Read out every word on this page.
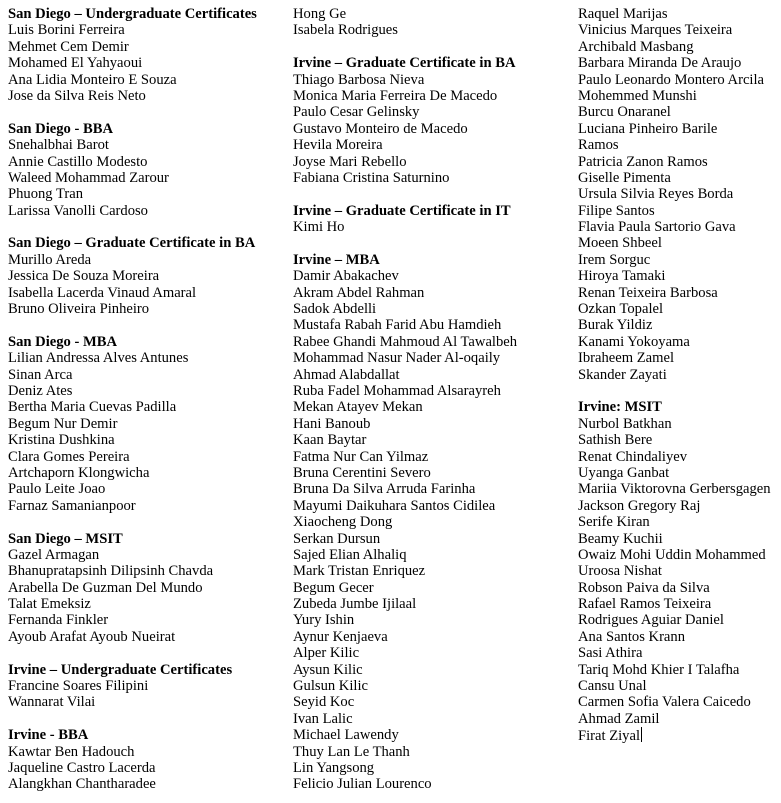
San Diego – Undergraduate Certificates
Luis Borini Ferreira
Mehmet Cem Demir
Mohamed El Yahyaoui
Ana Lidia Monteiro E Souza
Jose da Silva Reis Neto
San Diego - BBA
Snehalbhai Barot
Annie Castillo Modesto
Waleed Mohammad Zarour
Phuong Tran
Larissa Vanolli Cardoso
San Diego – Graduate Certificate in BA
Murillo Areda
Jessica De Souza Moreira
Isabella Lacerda Vinaud Amaral
Bruno Oliveira Pinheiro
San Diego - MBA
Lilian Andressa Alves Antunes
Sinan Arca
Deniz Ates
Bertha Maria Cuevas Padilla
Begum Nur Demir
Kristina Dushkina
Clara Gomes Pereira
Artchaporn Klongwicha
Paulo Leite Joao
Farnaz Samanianpoor
San Diego – MSIT
Gazel Armagan
Bhanupratapsinh Dilipsinh Chavda
Arabella De Guzman Del Mundo
Talat Emeksiz
Fernanda Finkler
Ayoub Arafat Ayoub Nueirat
Irvine – Undergraduate Certificates
Francine Soares Filipini
Wannarat Vilai
Irvine - BBA
Kawtar Ben Hadouch
Jaqueline Castro Lacerda
Alangkhan Chantharadee
Hong Ge
Isabela Rodrigues
Irvine – Graduate Certificate in BA
Thiago Barbosa Nieva
Monica Maria Ferreira De Macedo
Paulo Cesar Gelinsky
Gustavo Monteiro de Macedo
Hevila Moreira
Joyse Mari Rebello
Fabiana Cristina Saturnino
Irvine – Graduate Certificate in IT
Kimi Ho
Irvine – MBA
Damir Abakachev
Akram Abdel Rahman
Sadok Abdelli
Mustafa Rabah Farid Abu Hamdieh
Rabee Ghandi Mahmoud Al Tawalbeh
Mohammad Nasur Nader Al-oqaily
Ahmad Alabdallat
Ruba Fadel Mohammad Alsarayreh
Mekan Atayev Mekan
Hani Banoub
Kaan Baytar
Fatma Nur Can Yilmaz
Bruna Cerentini Severo
Bruna Da Silva Arruda Farinha
Mayumi Daikuhara Santos Cidilea
Xiaocheng Dong
Serkan Dursun
Sajed Elian Alhaliq
Mark Tristan Enriquez
Begum Gecer
Zubeda Jumbe Ijilaal
Yury Ishin
Aynur Kenjaeva
Alper Kilic
Aysun Kilic
Gulsun Kilic
Seyid Koc
Ivan Lalic
Michael Lawendy
Thuy Lan Le Thanh
Lin Yangsong
Felicio Julian Lourenco
Raquel Marijas
Vinicius Marques Teixeira
Archibald Masbang
Barbara Miranda De Araujo
Paulo Leonardo Montero Arcila
Mohemmed Munshi
Burcu Onaranel
Luciana Pinheiro Barile
Ramos
Patricia Zanon Ramos
Giselle Pimenta
Ursula Silvia Reyes Borda
Filipe Santos
Flavia Paula Sartorio Gava
Moeen Shbeel
Irem Sorguc
Hiroya Tamaki
Renan Teixeira Barbosa
Ozkan Topalel
Burak Yildiz
Kanami Yokoyama
Ibraheem Zamel
Skander Zayati
Irvine: MSIT
Nurbol Batkhan
Sathish Bere
Renat Chindaliyev
Uyanga Ganbat
Mariia Viktorovna Gerbersgagen
Jackson Gregory Raj
Serife Kiran
Beamy Kuchii
Owaiz Mohi Uddin Mohammed
Uroosa Nishat
Robson Paiva da Silva
Rafael Ramos Teixeira
Rodrigues Aguiar Daniel
Ana Santos Krann
Sasi Athira
Tariq Mohd Khier I Talafha
Cansu Unal
Carmen Sofia Valera Caicedo
Ahmad Zamil
Firat Ziyal
